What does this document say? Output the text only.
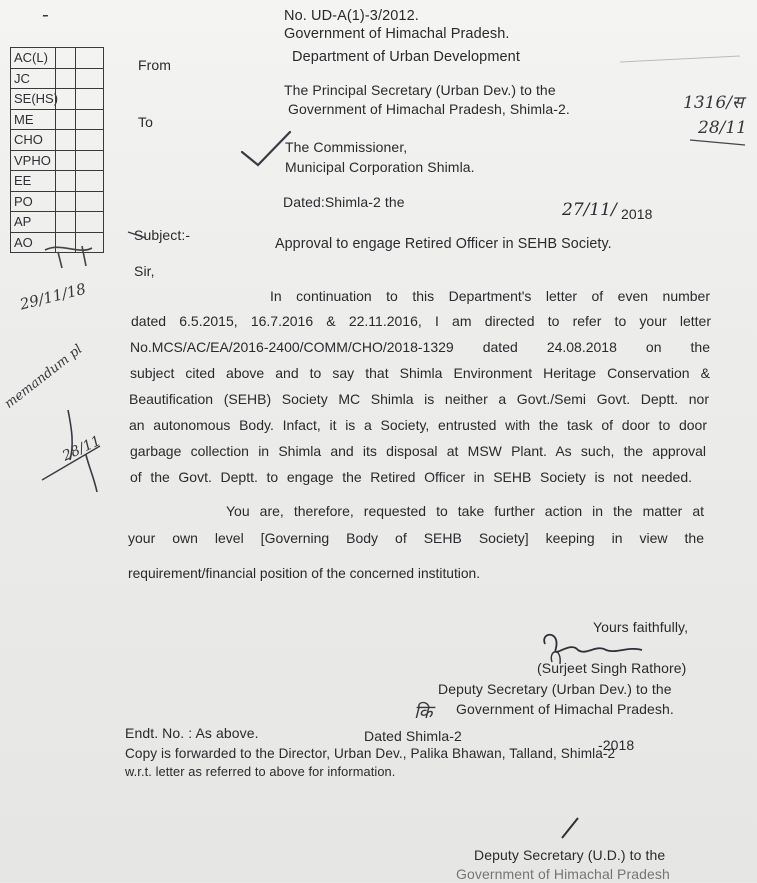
-	No. UD-A(1)-3/2012.
Government of Himachal Pradesh.
Department of Urban Development
From
The Principal Secretary (Urban Dev.) to the
Government of Himachal Pradesh, Shimla-2.
To
The Commissioner,
Municipal Corporation Shimla.
Dated:Shimla-2 the	27/11/ 2018
Subject:-
Approval to engage Retired Officer in SEHB Society.
Sir,
In continuation to this Department's letter of even number
dated 6.5.2015, 16.7.2016 & 22.11.2016, I am directed to refer to your letter
No.MCS/AC/EA/2016-2400/COMM/CHO/2018-1329 dated 24.08.2018 on the
subject cited above and to say that Shimla Environment Heritage Conservation &
Beautification (SEHB) Society MC Shimla is neither a Govt./Semi Govt. Deptt. nor
an autonomous Body. Infact, it is a Society, entrusted with the task of door to door
garbage collection in Shimla and its disposal at MSW Plant. As such, the approval
of the Govt. Deptt. to engage the Retired Officer in SEHB Society is not needed.
You are, therefore, requested to take further action in the matter at
your own level [Governing Body of SEHB Society] keeping in view the
requirement/financial position of the concerned institution.
Yours faithfully,
(Surjeet Singh Rathore)
Deputy Secretary (Urban Dev.) to the
Government of Himachal Pradesh.
Endt. No. : As above.	Dated Shimla-2
-2018
Copy is forwarded to the Director, Urban Dev., Palika Bhawan, Talland, Shimla-2
w.r.t. letter as referred to above for information.
Deputy Secretary (U.D.) to the
Government of Himachal Pradesh
AC(L)
JC
SE(HS)
ME
CHO
VPHO
EE
PO
AP
AO
1316/स
28/11
29/11/18
memandum pl
28/11
कि
